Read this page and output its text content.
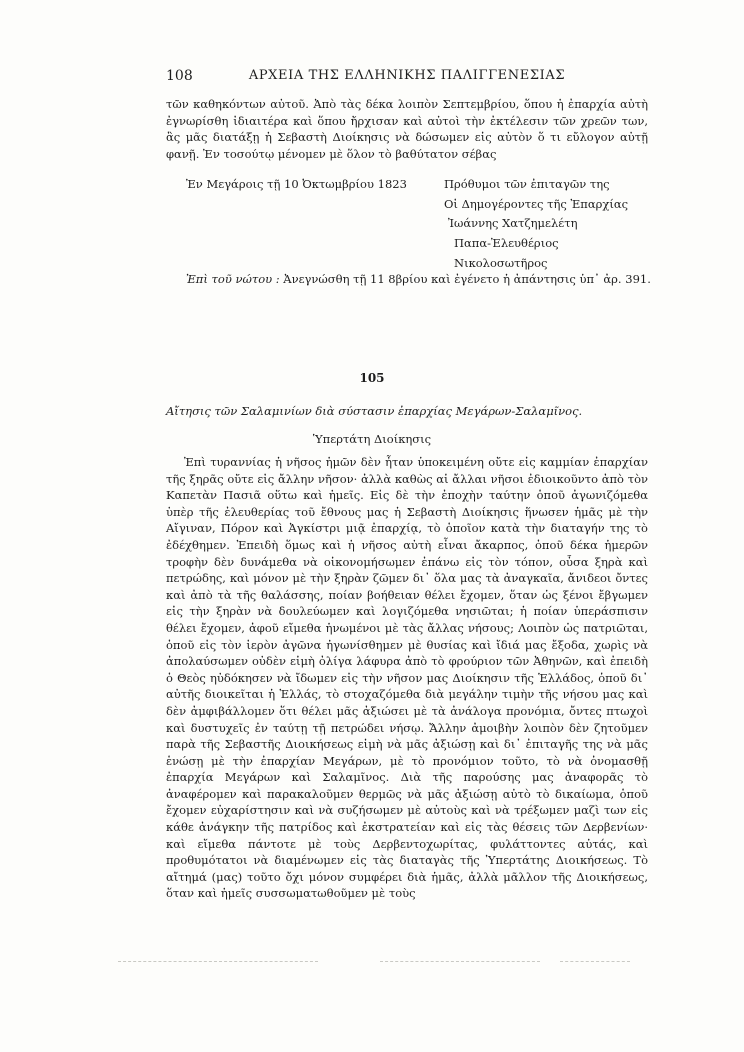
108	ΑΡΧΕΙΑ ΤΗΣ ΕΛΛΗΝΙΚΗΣ ΠΑΛΙΓΓΕΝΕΣΙΑΣ
τῶν καθηκόντων αὐτοῦ. Ἀπὸ τὰς δέκα λοιπὸν Σεπτεμβρίου, ὅπου ἡ ἐπαρχία αὐτὴ ἐγνωρίσθη ἰδιαιτέρα καὶ ὅπου ἤρχισαν καὶ αὐτοὶ τὴν ἐκτέλεσιν τῶν χρεῶν των, ἂς μᾶς διατάξῃ ἡ Σεβαστὴ Διοίκησις νὰ δώσωμεν εἰς αὐτὸν ὅ τι εὔλογον αὐτῇ φανῇ. Ἐν τοσούτῳ μένομεν μὲ ὅλον τὸ βαθύτατον σέβας
Ἐν Μεγάροις τῇ 10 Ὀκτωμβρίου 1823	Πρόθυμοι τῶν ἐπιταγῶν της
Οἱ Δημογέροντες τῆς Ἐπαρχίας
Ἰωάννης Χατζημελέτη
Παπα-Ἐλευθέριος
Νικολοσωτῆρος
Ἐπὶ τοῦ νώτου : Ἀνεγνώσθη τῇ 11 8βρίου καὶ ἐγένετο ἡ ἀπάντησις ὑπ᾽ ἀρ. 391.
105
Αἴτησις τῶν Σαλαμινίων διὰ σύστασιν ἐπαρχίας Μεγάρων-Σαλαμῖνος.
Ὑπερτάτη Διοίκησις
Ἐπὶ τυραννίας ἡ νῆσος ἡμῶν δὲν ἦταν ὑποκειμένη οὔτε εἰς καμμίαν ἐπαρχίαν τῆς ξηρᾶς οὔτε εἰς ἄλλην νῆσον· ἀλλὰ καθὼς αἱ ἄλλαι νῆσοι ἐδιοικοῦντο ἀπὸ τὸν Καπετὰν Πασιᾶ οὕτω καὶ ἡμεῖς. Εἰς δὲ τὴν ἐποχὴν ταύτην ὁποῦ ἀγωνιζόμεθα ὑπὲρ τῆς ἐλευθερίας τοῦ ἔθνους μας ἡ Σεβαστὴ Διοίκησις ἥνωσεν ἡμᾶς μὲ τὴν Αἴγιναν, Πόρον καὶ Ἀγκίστρι μιᾷ ἐπαρχίᾳ, τὸ ὁποῖον κατὰ τὴν διαταγήν της τὸ ἐδέχθημεν. Ἐπειδὴ ὅμως καὶ ἡ νῆσος αὐτὴ εἶναι ἄκαρπος, ὁποῦ δέκα ἡμερῶν τροφὴν δὲν δυνάμεθα νὰ οἰκονομήσωμεν ἐπάνω εἰς τὸν τόπον, οὖσα ξηρὰ καὶ πετρώδης, καὶ μόνον μὲ τὴν ξηρὰν ζῶμεν δι᾽ ὅλα μας τὰ ἀναγκαῖα, ἄνιδεοι ὄντες καὶ ἀπὸ τὰ τῆς θαλάσσης, ποίαν βοήθειαν θέλει ἔχομεν, ὅταν ὡς ξένοι ἔβγωμεν εἰς τὴν ξηρὰν νὰ δουλεύωμεν καὶ λογιζόμεθα νησιῶται; ἡ ποίαν ὑπεράσπισιν θέλει ἔχομεν, ἀφοῦ εἴμεθα ἡνωμένοι μὲ τὰς ἄλλας νήσους; Λοιπὸν ὡς πατριῶται, ὁποῦ εἰς τὸν ἱερὸν ἀγῶνα ἠγωνίσθημεν μὲ θυσίας καὶ ἴδιά μας ἔξοδα, χωρὶς νὰ ἀπολαύσωμεν οὐδὲν εἰμὴ ὀλίγα λάφυρα ἀπὸ τὸ φρούριον τῶν Ἀθηνῶν, καὶ ἐπειδὴ ὁ Θεὸς ηὐδόκησεν νὰ ἴδωμεν εἰς τὴν νῆσον μας Διοίκησιν τῆς Ἑλλάδος, ὁποῦ δι᾽ αὐτῆς διοικεῖται ἡ Ἑλλάς, τὸ στοχαζόμεθα διὰ μεγάλην τιμὴν τῆς νήσου μας καὶ δὲν ἀμφιβάλλομεν ὅτι θέλει μᾶς ἀξιώσει μὲ τὰ ἀνάλογα προνόμια, ὄντες πτωχοὶ καὶ δυστυχεῖς ἐν ταύτῃ τῇ πετρώδει νήσῳ. Ἄλλην ἀμοιβὴν λοιπὸν δὲν ζητοῦμεν παρὰ τῆς Σεβαστῆς Διοικήσεως εἰμὴ νὰ μᾶς ἀξιώσῃ καὶ δι᾽ ἐπιταγῆς της νὰ μᾶς ἑνώσῃ μὲ τὴν ἐπαρχίαν Μεγάρων, μὲ τὸ προνόμιον τοῦτο, τὸ νὰ ὀνομασθῇ ἐπαρχία Μεγάρων καὶ Σαλαμῖνος. Διὰ τῆς παρούσης μας ἀναφορᾶς τὸ ἀναφέρομεν καὶ παρακαλοῦμεν θερμῶς νὰ μᾶς ἀξιώσῃ αὐτὸ τὸ δικαίωμα, ὁποῦ ἔχομεν εὐχαρίστησιν καὶ νὰ συζήσωμεν μὲ αὐτοὺς καὶ νὰ τρέξωμεν μαζὶ των εἰς κάθε ἀνάγκην τῆς πατρίδος καὶ ἐκστρατείαν καὶ εἰς τὰς θέσεις τῶν Δερβενίων· καὶ εἴμεθα πάντοτε μὲ τοὺς Δερβεντοχωρίτας, φυλάττοντες αὐτάς, καὶ προθυμότατοι νὰ διαμένωμεν εἰς τὰς διαταγὰς τῆς Ὑπερτάτης Διοικήσεως. Τὸ αἴτημά (μας) τοῦτο ὄχι μόνον συμφέρει διὰ ἡμᾶς, ἀλλὰ μᾶλλον τῆς Διοικήσεως, ὅταν καὶ ἡμεῖς συσσωματωθοῦμεν μὲ τοὺς
